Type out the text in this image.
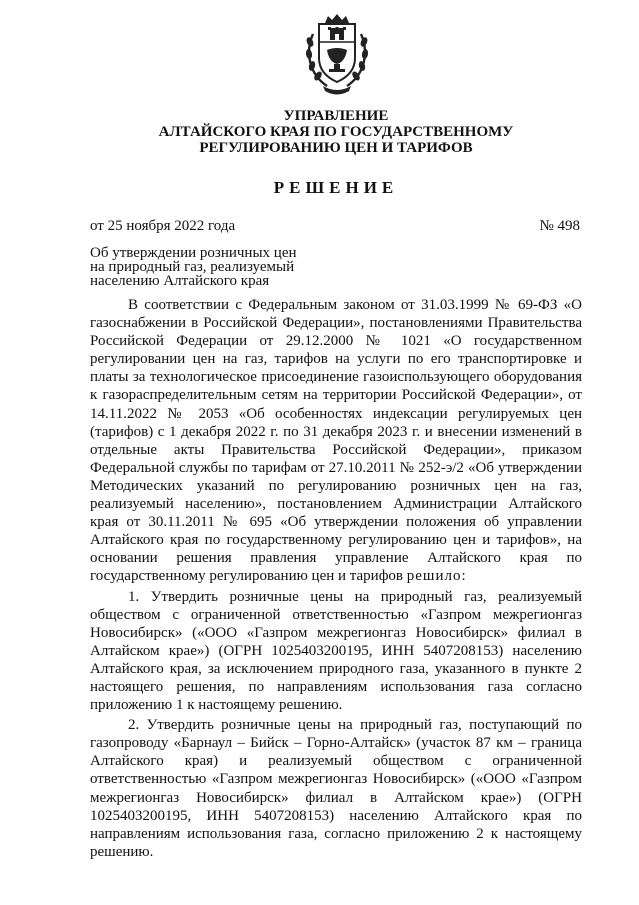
УПРАВЛЕНИЕ
АЛТАЙСКОГО КРАЯ ПО ГОСУДАРСТВЕННОМУ
РЕГУЛИРОВАНИЮ ЦЕН И ТАРИФОВ
РЕШЕНИЕ
от 25 ноября 2022 года	№ 498
Об утверждении розничных цен
на природный газ, реализуемый
населению Алтайского края

В соответствии с Федеральным законом от 31.03.1999 № 69-ФЗ «О газоснабжении в Российской Федерации», постановлениями Правительства Российской Федерации от 29.12.2000 № 1021 «О государственном регулировании цен на газ, тарифов на услуги по его транспортировке и платы за технологическое присоединение газоиспользующего оборудования к газораспределительным сетям на территории Российской Федерации», от 14.11.2022 № 2053 «Об особенностях индексации регулируемых цен (тарифов) с 1 декабря 2022 г. по 31 декабря 2023 г. и внесении изменений в отдельные акты Правительства Российской Федерации», приказом Федеральной службы по тарифам от 27.10.2011 № 252-э/2 «Об утверждении Методических указаний по регулированию розничных цен на газ, реализуемый населению», постановлением Администрации Алтайского края от 30.11.2011 № 695 «Об утверждении положения об управлении Алтайского края по государственному регулированию цен и тарифов», на основании решения правления управление Алтайского края по государственному регулированию цен и тарифов решило:

1. Утвердить розничные цены на природный газ, реализуемый обществом с ограниченной ответственностью «Газпром межрегионгаз Новосибирск» («ООО «Газпром межрегионгаз Новосибирск» филиал в Алтайском крае») (ОГРН 1025403200195, ИНН 5407208153) населению Алтайского края, за исключением природного газа, указанного в пункте 2 настоящего решения, по направлениям использования газа согласно приложению 1 к настоящему решению.

2. Утвердить розничные цены на природный газ, поступающий по газопроводу «Барнаул – Бийск – Горно-Алтайск» (участок 87 км – граница Алтайского края) и реализуемый обществом с ограниченной ответственностью «Газпром межрегионгаз Новосибирск» («ООО «Газпром межрегионгаз Новосибирск» филиал в Алтайском крае») (ОГРН 1025403200195, ИНН 5407208153) населению Алтайского края по направлениям использования газа, согласно приложению 2 к настоящему решению.
